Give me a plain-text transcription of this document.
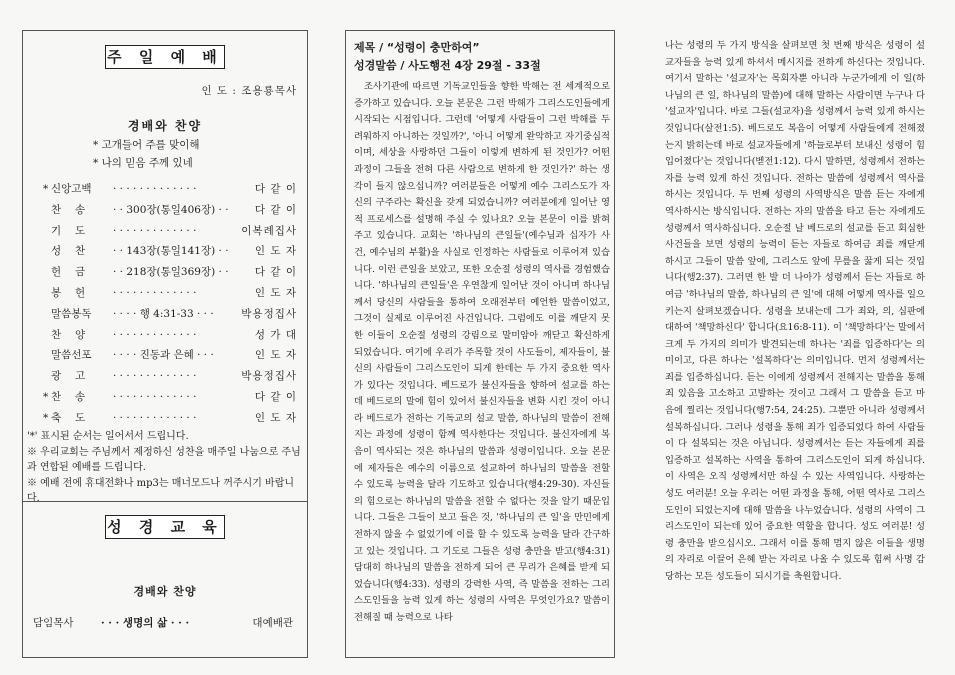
주 일 예 배
인 도 : 조용룡목사
경배와 찬양
* 고개들어 주를 맞이해
* 나의 믿음 주께 있네
* 신앙고백	· · · · · · · · · · · · ·	다 같 이
찬　 송	· · 300장(통일406장) · ·	다 같 이
기　 도	· · · · · · · · · · · · ·	이복례집사
성　 찬	· · 143장(통일141장) · ·	인 도 자
헌　 금	· · 218장(통일369장) · ·	다 같 이
봉　 헌	· · · · · · · · · · · · ·	인 도 자
말씀봉독	· · · · 행 4:31-33 · · ·	박용정집사
찬　 양	· · · · · · · · · · · · ·	성 가 대
말씀선포	· · · · 진동과 은혜 · · ·	인 도 자
광　 고	· · · · · · · · · · · · ·	박용정집사
* 찬　 송	· · · · · · · · · · · · ·	다 같 이
* 축　 도	· · · · · · · · · · · · ·	인 도 자

'*' 표시된 순서는 일어서서 드립니다.

※ 우리교회는 주님께서 제정하신 성찬을 매주일 나눔으로 주님과 연합된 예배를 드립니다.

※ 예배 전에 휴대전화나 mp3는 매너모드나 꺼주시기 바랍니다.

성 경 교 육
경배와 찬양
담임목사	· · · 생명의 삶 · · ·	대예배관
제목 / “성령이 충만하여”
성경말씀 / 사도행전 4장 29절 - 33절

조사기관에 따르면 기독교인들을 향한 박해는 전 세계적으로 증가하고 있습니다. 오늘 본문은 그런 박해가 그리스도인들에게 시작되는 시점입니다. 그런데 '어떻게 사람들이 그런 박해를 두려워하지 아니하는 것일까?', '아니 어떻게 완악하고 자기중심적이며, 세상을 사랑하던 그들이 이렇게 변하게 된 것인가? 어떤 과정이 그들을 전혀 다른 사람으로 변하게 한 것인가?' 하는 생각이 들지 않으십니까? 여러분들은 어떻게 예수 그리스도가 자신의 구주라는 확신을 갖게 되었습니까? 여러분에게 일어난 영적 프로세스를 설명해 주실 수 있나요? 오늘 본문이 이를 밝혀주고 있습니다. 교회는 '하나님의 큰일들'(예수님과 십자가 사건, 예수님의 부활)을 사실로 인정하는 사람들로 이루어져 있습니다. 이런 큰일을 보았고, 또한 오순절 성령의 역사를 경험했습니다. '하나님의 큰일들'은 우연찮게 일어난 것이 아니며 하나님께서 당신의 사람들을 통하여 오래전부터 예언한 말씀이었고, 그것이 실제로 이루어진 사건입니다. 그럼에도 이를 깨닫지 못한 이들이 오순절 성령의 강림으로 말미암아 깨닫고 확신하게 되었습니다. 여기에 우리가 주목할 것이 사도들이, 제자들이, 불신의 사람들이 그리스도인이 되게 한데는 두 가지 중요한 역사가 있다는 것입니다. 베드로가 불신자들을 향하여 설교를 하는데 베드로의 말에 힘이 있어서 불신자들을 변화 시킨 것이 아니라 베드로가 전하는 기독교의 설교 말씀, 하나님의 말씀이 전해지는 과정에 성령이 함께 역사한다는 것입니다. 불신자에게 복음이 역사되는 것은 하나님의 말씀과 성령이입니다. 오늘 본문에 제자들은 예수의 이름으로 설교하여 하나님의 말씀을 전할 수 있도록 능력을 달라 기도하고 있습니다(행4:29-30). 자신들의 힘으로는 하나님의 말씀을 전할 수 없다는 것을 알기 때문입니다. 그들은 그들이 보고 들은 것, '하나님의 큰 일'을 만민에게 전하지 않을 수 없었기에 이를 할 수 있도록 능력을 달라 간구하고 있는 것입니다. 그 기도로 그들은 성령 충만을 받고(행4:31) 담대히 하나님의 말씀을 전하게 되어 큰 무리가 은혜를 받게 되었습니다(행4:33). 성령의 강력한 사역, 즉 말씀을 전하는 그리스도인들을 능력 있게 하는 성령의 사역은 무엇인가요? 말씀이 전해질 때 능력으로 나타

나는 성령의 두 가지 방식을 살펴보면 첫 번째 방식은 성령이 설교자들을 능력 있게 하셔서 메시지를 전하게 하신다는 것입니다. 여기서 말하는 '설교자'는 목회자뿐 아니라 누군가에게 이 일(하나님의 큰 일, 하나님의 말씀)에 대해 말하는 사람이면 누구나 다 '설교자'입니다. 바로 그들(설교자)을 성령께서 능력 있게 하시는 것입니다(살전1:5). 베드로도 복음이 어떻게 사람들에게 전해졌는지 밝히는데 바로 설교자들에게 '하늘로부터 보내신 성령이 힘입어졌다'는 것입니다(벧전1:12). 다시 말하면, 성령께서 전하는 자를 능력 있게 하신 것입니다. 전하는 말씀에 성령께서 역사를 하시는 것입니다. 두 번째 성령의 사역방식은 말씀 듣는 자에게 역사하시는 방식입니다. 전하는 자의 말씀을 타고 듣는 자에게도 성령께서 역사하십니다. 오순절 날 베드로의 설교를 듣고 회심한 사건들을 보면 성령의 능력이 듣는 자들로 하여금 죄를 깨닫게 하시고 그들이 말씀 앞에, 그리스도 앞에 무릎을 꿇게 되는 것입니다(행2:37). 그러면 한 발 더 나아가 성령께서 듣는 자들로 하여금 '하나님의 말씀, 하나님의 큰 일'에 대해 어떻게 역사를 일으키는지 살펴보겠습니다. 성령을 보내는데 그가 죄와, 의, 심판에 대하여 '책망하신다' 합니다(요16:8-11). 이 '책망하다'는 말에서 크게 두 가지의 의미가 발견되는데 하나는 '죄를 입증하다'는 의미이고, 다른 하나는 '설복하다'는 의미입니다. 먼저 성령께서는 죄를 입증하십니다. 듣는 이에게 성령께서 전해지는 말씀을 통해 죄 있음을 고소하고 고발하는 것이고 그래서 그 말씀을 듣고 마음에 찔리는 것입니다(행7:54, 24:25). 그뿐만 아니라 성령께서 설복하십니다. 그러나 성령을 통해 죄가 입증되었다 하여 사람들이 다 설복되는 것은 아닙니다. 성령께서는 듣는 자들에게 죄를 입증하고 설복하는 사역을 통하여 그리스도인이 되게 하십니다. 이 사역은 오직 성령께서만 하실 수 있는 사역입니다. 사랑하는 성도 여러분! 오늘 우리는 어떤 과정을 통해, 어떤 역사로 그리스도인이 되었는지에 대해 말씀을 나누었습니다. 성령의 사역이 그리스도인이 되는데 있어 중요한 역할을 합니다. 성도 여러분! 성령 충만을 받으십시오. 그래서 이를 통해 멈지 않은 이들을 생명의 자리로 이끌어 은혜 받는 자리로 나올 수 있도록 힘써 사명 감당하는 모든 성도들이 되시기를 축원합니다.
